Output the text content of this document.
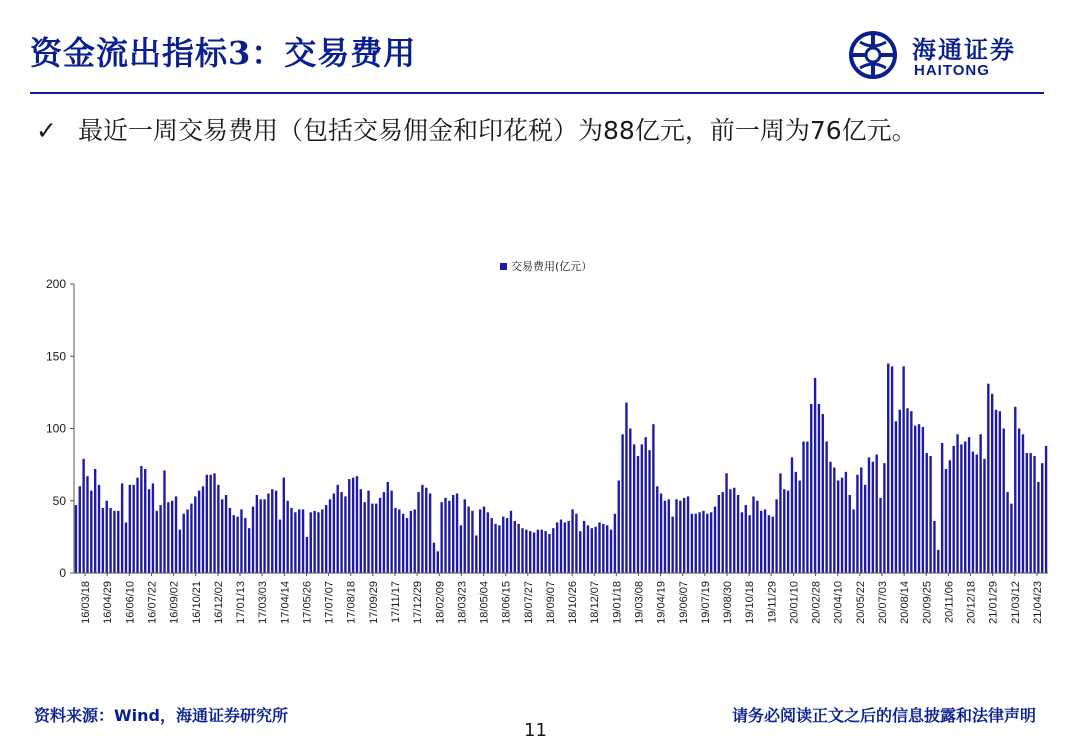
资金流出指标3：交易费用	海通证券
HAITONG
✓ 最近一周交易费用（包括交易佣金和印花税）为88亿元，前一周为76亿元。
交易费用(亿元）
0
50
100
150
200
16/03/18 16/04/29 16/06/10 16/07/22 16/09/02 16/10/21 16/12/02 17/01/13 17/03/03 17/04/14 17/05/26 17/07/07 17/08/18 17/09/29 17/11/17 17/12/29 18/02/09 18/03/23 18/05/04 18/06/15 18/07/27 18/09/07 18/10/26 18/12/07 19/01/18 19/03/08 19/04/19 19/06/07 19/07/19 19/08/30 19/10/18 19/11/29 20/01/10 20/02/28 20/04/10 20/05/22 20/07/03 20/08/14 20/09/25 20/11/06 20/12/18 21/01/29 21/03/12 21/04/23
资料来源：Wind，海通证券研究所	请务必阅读正文之后的信息披露和法律声明
11
